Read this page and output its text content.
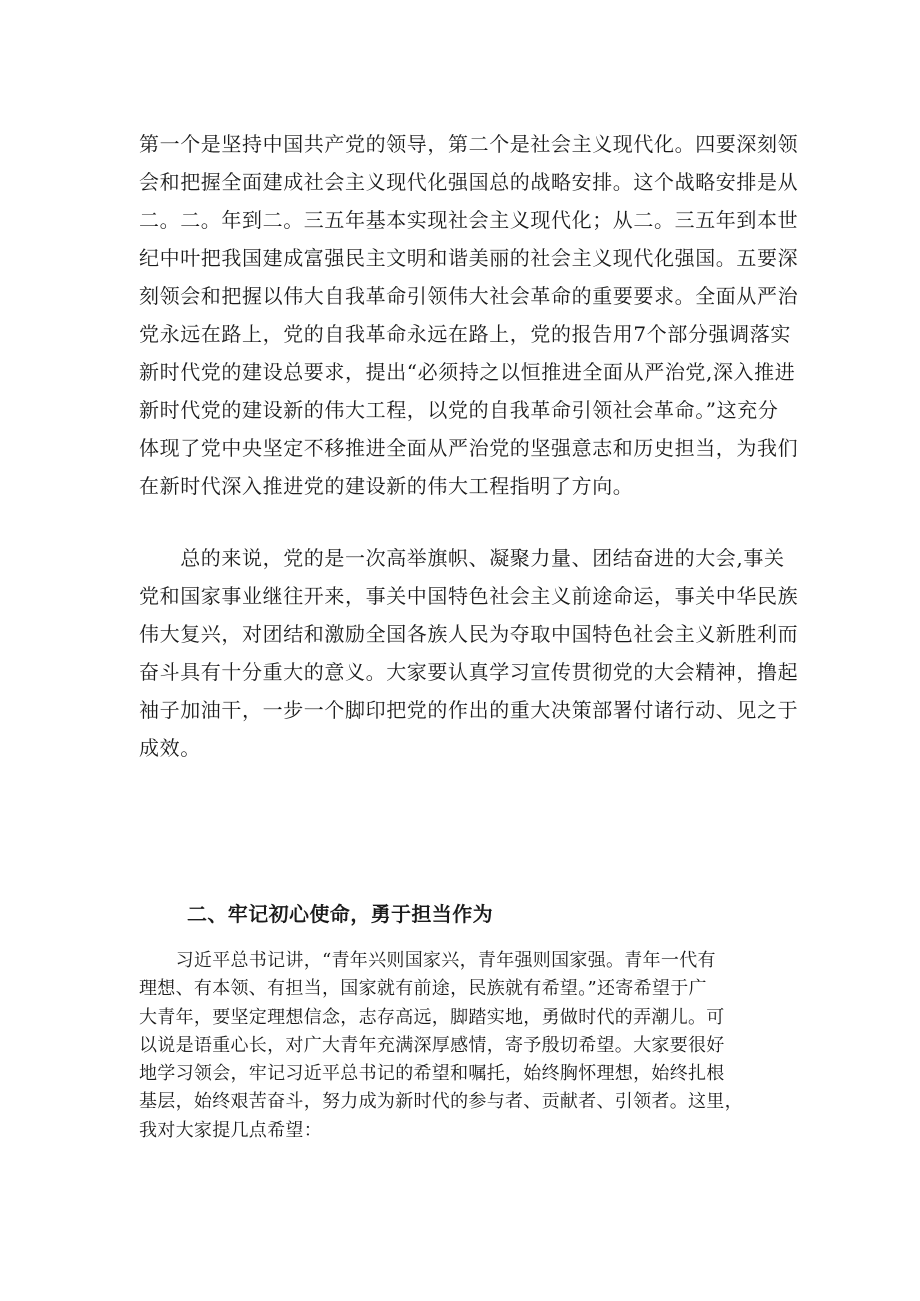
第一个是坚持中国共产党的领导，第二个是社会主义现代化。四要深刻领
会和把握全面建成社会主义现代化强国总的战略安排。这个战略安排是从
二。二。年到二。三五年基本实现社会主义现代化；从二。三五年到本世
纪中叶把我国建成富强民主文明和谐美丽的社会主义现代化强国。五要深
刻领会和把握以伟大自我革命引领伟大社会革命的重要要求。全面从严治
党永远在路上，党的自我革命永远在路上，党的报告用7个部分强调落实
新时代党的建设总要求，提出“必须持之以恒推进全面从严治党,深入推进
新时代党的建设新的伟大工程，以党的自我革命引领社会革命。”这充分
体现了党中央坚定不移推进全面从严治党的坚强意志和历史担当，为我们
在新时代深入推进党的建设新的伟大工程指明了方向。
　　总的来说，党的是一次高举旗帜、凝聚力量、团结奋进的大会,事关
党和国家事业继往开来，事关中国特色社会主义前途命运，事关中华民族
伟大复兴，对团结和激励全国各族人民为夺取中国特色社会主义新胜利而
奋斗具有十分重大的意义。大家要认真学习宣传贯彻党的大会精神，撸起
袖子加油干，一步一个脚印把党的作出的重大决策部署付诸行动、见之于
成效。
二、牢记初心使命，勇于担当作为
　　习近平总书记讲，“青年兴则国家兴，青年强则国家强。青年一代有
理想、有本领、有担当，国家就有前途，民族就有希望。”还寄希望于广
大青年，要坚定理想信念，志存高远，脚踏实地，勇做时代的弄潮儿。可
以说是语重心长，对广大青年充满深厚感情，寄予殷切希望。大家要很好
地学习领会，牢记习近平总书记的希望和嘱托，始终胸怀理想，始终扎根
基层，始终艰苦奋斗，努力成为新时代的参与者、贡献者、引领者。这里，
我对大家提几点希望：
